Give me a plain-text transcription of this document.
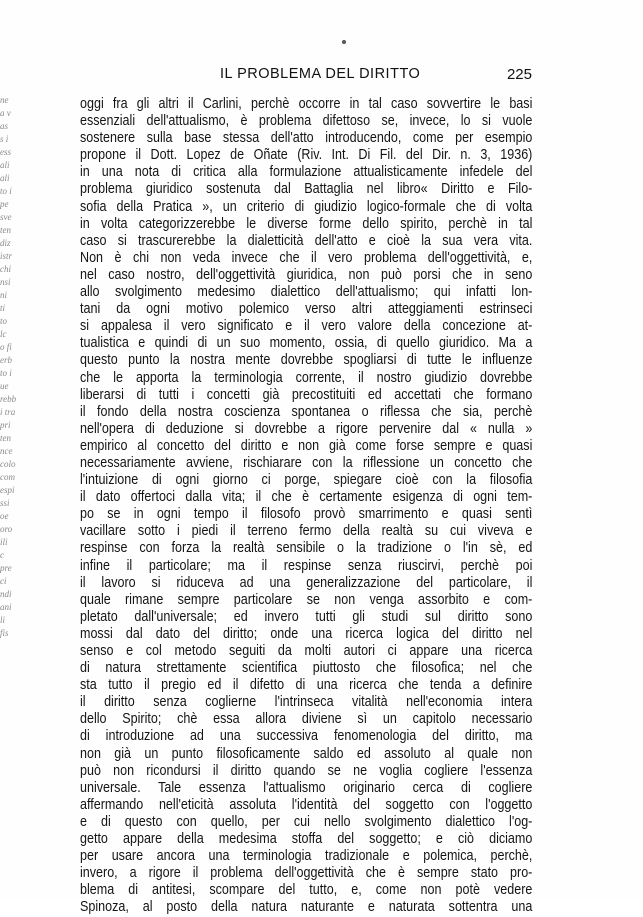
ne
a v
as
s i
ess
ali
ali
to i
pe
sve
ten
diz
istr
chi
nsi
ni
ti
to
lc
o fi
erb
to i
ue
rebb
i tra
pri
ten
nce
colo
com
espi
ssi
oe
oro
ili
c
pre
ci
ndi
ani
li
fis
IL PROBLEMA DEL DIRITTO	225
oggi fra gli altri il Carlini, perchè occorre in tal caso sovvertire le basi
essenziali dell'attualismo, è problema difettoso se, invece, lo si vuole
sostenere sulla base stessa dell'atto introducendo, come per esempio
propone il Dott. Lopez de Oñate (Riv. Int. Di Fil. del Dir. n. 3, 1936)
in una nota di critica alla formulazione attualisticamente infedele del
problema giuridico sostenuta dal Battaglia nel libro« Diritto e Filo-
sofia della Pratica », un criterio di giudizio logico-formale che di volta
in volta categorizzerebbe le diverse forme dello spirito, perchè in tal
caso si trascurerebbe la dialetticità dell'atto e cioè la sua vera vita.
Non è chi non veda invece che il vero problema dell'oggettività, e,
nel caso nostro, dell'oggettività giuridica, non può porsi che in seno
allo svolgimento medesimo dialettico dell'attualismo; qui infatti lon-
tani da ogni motivo polemico verso altri atteggiamenti estrinseci
si appalesa il vero significato e il vero valore della concezione at-
tualistica e quindi di un suo momento, ossia, di quello giuridico. Ma a
questo punto la nostra mente dovrebbe spogliarsi di tutte le influenze
che le apporta la terminologia corrente, il nostro giudizio dovrebbe
liberarsi di tutti i concetti già precostituiti ed accettati che formano
il fondo della nostra coscienza spontanea o riflessa che sia, perchè
nell'opera di deduzione si dovrebbe a rigore pervenire dal « nulla »
empirico al concetto del diritto e non già come forse sempre e quasi
necessariamente avviene, rischiarare con la riflessione un concetto che
l'intuizione di ogni giorno ci porge, spiegare cioè con la filosofia
il dato offertoci dalla vita; il che è certamente esigenza di ogni tem-
po se in ogni tempo il filosofo provò smarrimento e quasi sentì
vacillare sotto i piedi il terreno fermo della realtà su cui viveva e
respinse con forza la realtà sensibile o la tradizione o l'in sè, ed
infine il particolare; ma il respinse senza riuscirvi, perchè poi
il lavoro si riduceva ad una generalizzazione del particolare, il
quale rimane sempre particolare se non venga assorbito e com-
pletato dall'universale; ed invero tutti gli studi sul diritto sono
mossi dal dato del diritto; onde una ricerca logica del diritto nel
senso e col metodo seguiti da molti autori ci appare una ricerca
di natura strettamente scientifica piuttosto che filosofica; nel che
sta tutto il pregio ed il difetto di una ricerca che tenda a definire
il diritto senza coglierne l'intrinseca vitalità nell'economia intera
dello Spirito; chè essa allora diviene sì un capitolo necessario
di introduzione ad una successiva fenomenologia del diritto, ma
non già un punto filosoficamente saldo ed assoluto al quale non
può non ricondursi il diritto quando se ne voglia cogliere l'essenza
universale. Tale essenza l'attualismo originario cerca di cogliere
affermando nell'eticità assoluta l'identità del soggetto con l'oggetto
e di questo con quello, per cui nello svolgimento dialettico l'og-
getto appare della medesima stoffa del soggetto; e ciò diciamo
per usare ancora una terminologia tradizionale e polemica, perchè,
invero, a rigore il problema dell'oggettività che è sempre stato pro-
blema di antitesi, scompare del tutto, e, come non potè vedere
Spinoza, al posto della natura naturante e naturata sottentra una
